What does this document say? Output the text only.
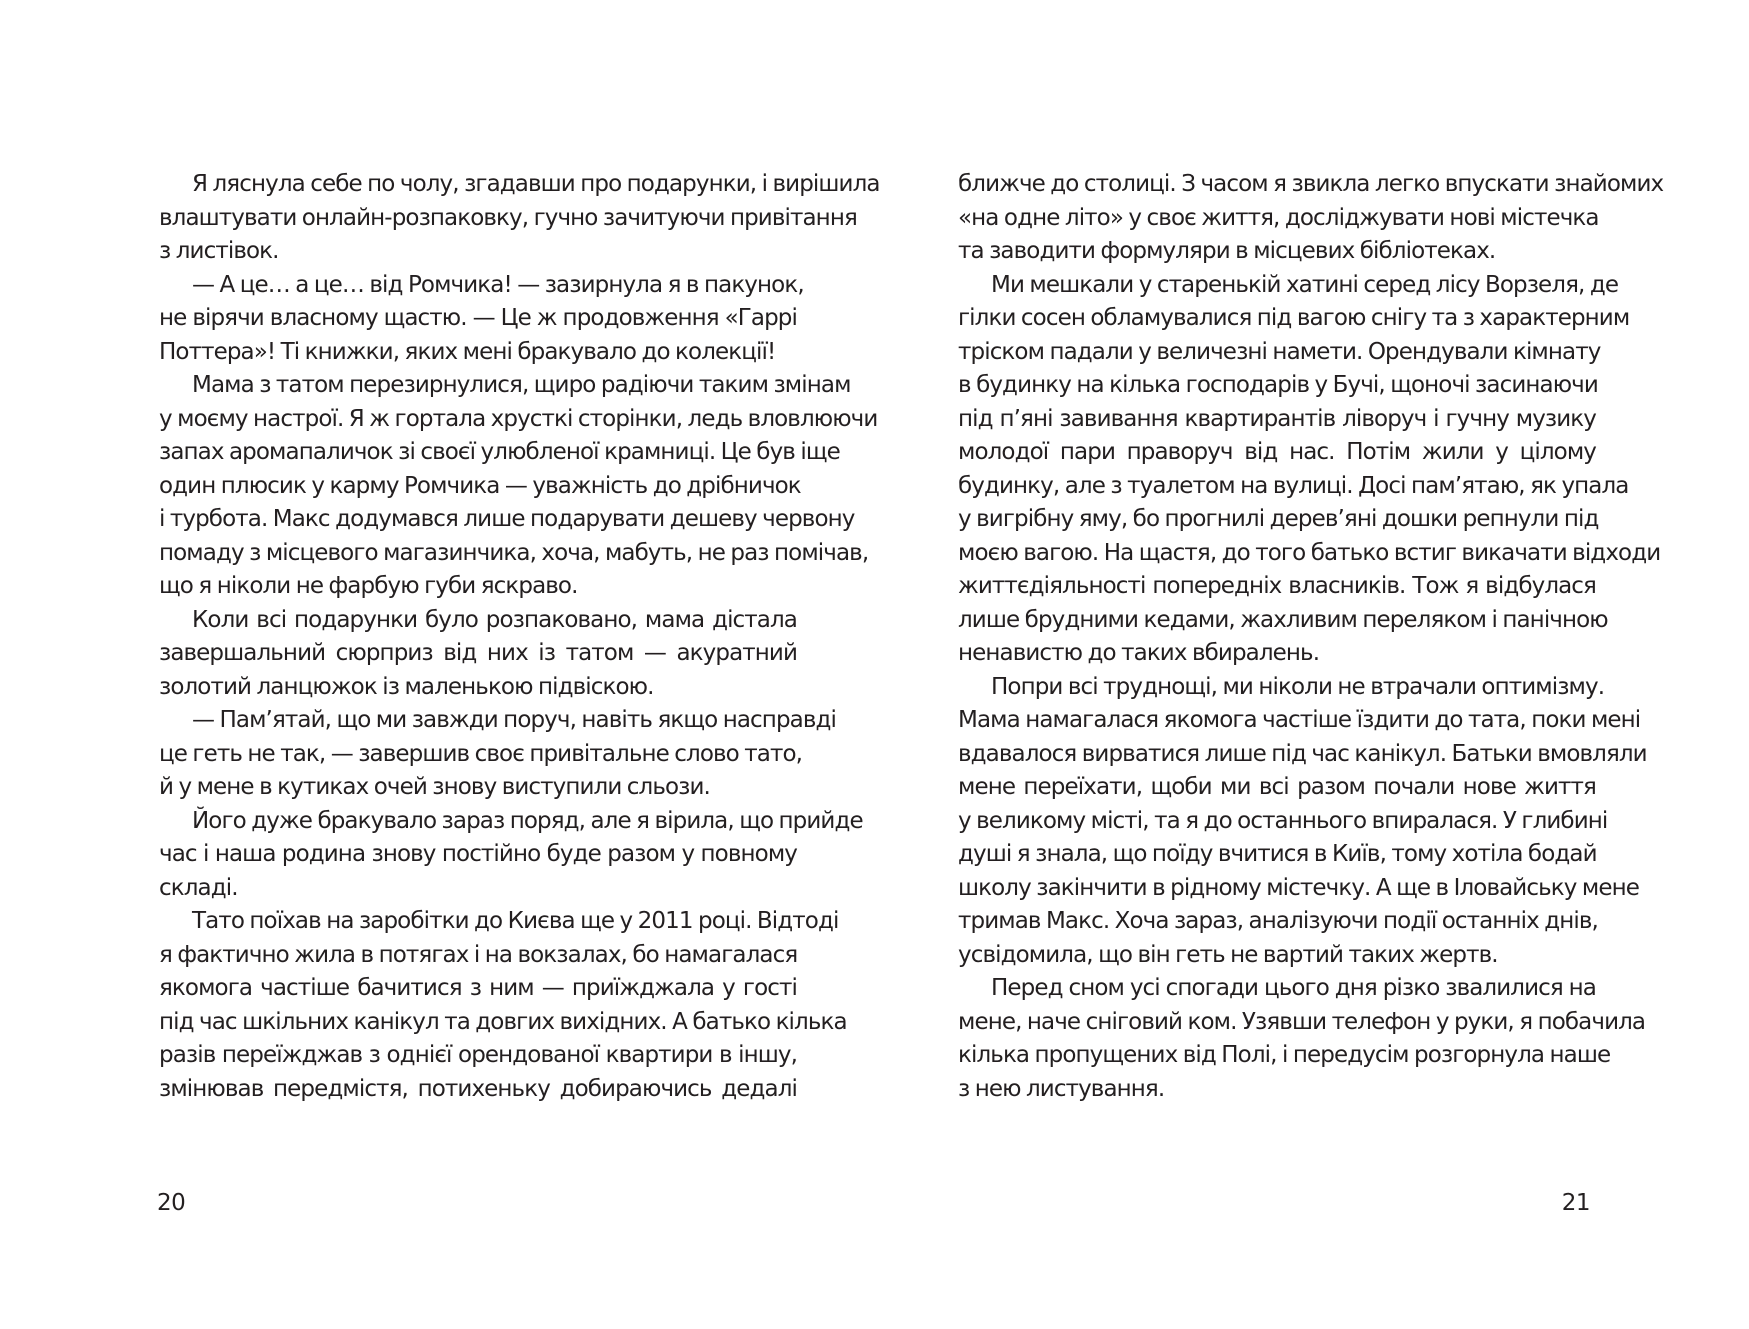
Я ляснула себе по чолу, згадавши про подарунки, і вирішила
влаштувати онлайн-розпаковку, гучно зачитуючи привітання
з листівок.
— А це… а це… від Ромчика! — зазирнула я в пакунок,
не вірячи власному щастю. — Це ж продовження «Гаррі
Поттера»! Ті книжки, яких мені бракувало до колекції!
Мама з татом перезирнулися, щиро радіючи таким змінам
у моєму настрої. Я ж гортала хрусткі сторінки, ледь вловлюючи
запах аромапаличок зі своєї улюбленої крамниці. Це був іще
один плюсик у карму Ромчика — уважність до дрібничок
і турбота. Макс додумався лише подарувати дешеву червону
помаду з місцевого магазинчика, хоча, мабуть, не раз помічав,
що я ніколи не фарбую губи яскраво.
Коли всі подарунки було розпаковано, мама дістала
завершальний сюрприз від них із татом — акуратний
золотий ланцюжок із маленькою підвіскою.
— Пам’ятай, що ми завжди поруч, навіть якщо насправді
це геть не так, — завершив своє привітальне слово тато,
й у мене в кутиках очей знову виступили сльози.
Його дуже бракувало зараз поряд, але я вірила, що прийде
час і наша родина знову постійно буде разом у повному
складі.
Тато поїхав на заробітки до Києва ще у 2011 році. Відтоді
я фактично жила в потягах і на вокзалах, бо намагалася
якомога частіше бачитися з ним — приїжджала у гості
під час шкільних канікул та довгих вихідних. А батько кілька
разів переїжджав з однієї орендованої квартири в іншу,
змінював передмістя, потихеньку добираючись дедалі
20
ближче до столиці. З часом я звикла легко впускати знайомих
«на одне літо» у своє життя, досліджувати нові містечка
та заводити формуляри в місцевих бібліотеках.
Ми мешкали у старенькій хатині серед лісу Ворзеля, де
гілки сосен обламувалися під вагою снігу та з характерним
тріском падали у величезні намети. Орендували кімнату
в будинку на кілька господарів у Бучі, щоночі засинаючи
під п’яні завивання квартирантів ліворуч і гучну музику
молодої пари праворуч від нас. Потім жили у цілому
будинку, але з туалетом на вулиці. Досі пам’ятаю, як упала
у вигрібну яму, бо прогнилі дерев’яні дошки репнули під
моєю вагою. На щастя, до того батько встиг викачати відходи
життєдіяльності попередніх власників. Тож я відбулася
лише брудними кедами, жахливим переляком і панічною
ненавистю до таких вбиралень.
Попри всі труднощі, ми ніколи не втрачали оптимізму.
Мама намагалася якомога частіше їздити до тата, поки мені
вдавалося вирватися лише під час канікул. Батьки вмовляли
мене переїхати, щоби ми всі разом почали нове життя
у великому місті, та я до останнього впиралася. У глибині
душі я знала, що поїду вчитися в Київ, тому хотіла бодай
школу закінчити в рідному містечку. А ще в Іловайську мене
тримав Макс. Хоча зараз, аналізуючи події останніх днів,
усвідомила, що він геть не вартий таких жертв.
Перед сном усі спогади цього дня різко звалилися на
мене, наче сніговий ком. Узявши телефон у руки, я побачила
кілька пропущених від Полі, і передусім розгорнула наше
з нею листування.
21
